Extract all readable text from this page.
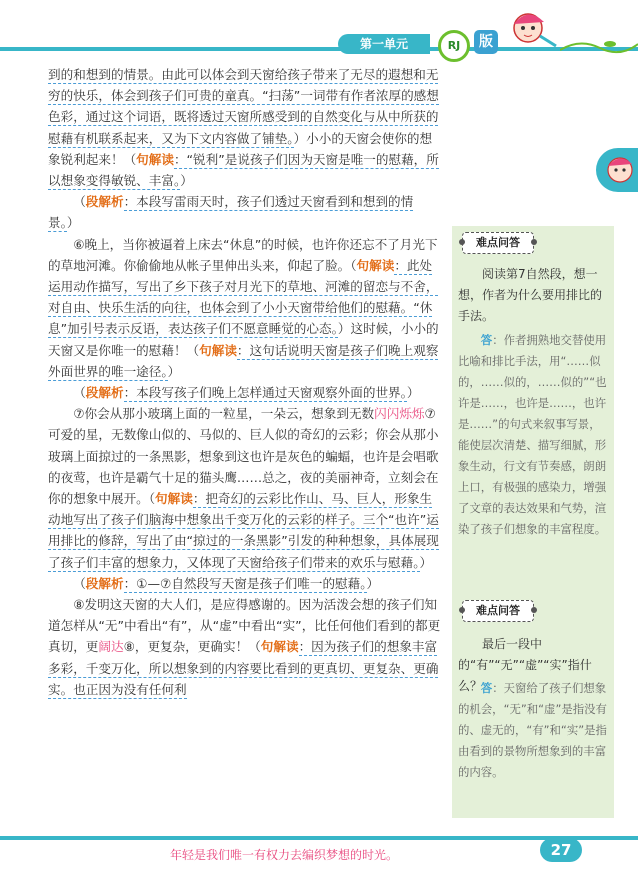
第一单元	RJ	版

到的和想到的情景。由此可以体会到天窗给孩子带来了无尽的遐想和无穷的快乐，体会到孩子们可贵的童真。“扫荡”一词带有作者浓厚的感想色彩，通过这个词语，既将透过天窗所感受到的自然变化与从中所获的慰藉有机联系起来，又为下文内容做了铺垫。）小小的天窗会使你的想象锐利起来！（句解读：“锐利”是说孩子们因为天窗是唯一的慰藉，所以想象变得敏锐、丰富。）

（段解析：本段写雷雨天时，孩子们透过天窗看到和想到的情景。）

⑥晚上，当你被逼着上床去“休息”的时候，也许你还忘不了月光下的草地河滩。你偷偷地从帐子里伸出头来，仰起了脸。（句解读：此处运用动作描写，写出了乡下孩子对月光下的草地、河滩的留恋与不舍，对自由、快乐生活的向往，也体会到了小小天窗带给他们的慰藉。“休息”加引号表示反语，表达孩子们不愿意睡觉的心态。）这时候，小小的天窗又是你唯一的慰藉！（句解读：这句话说明天窗是孩子们晚上观察外面世界的唯一途径。）

（段解析：本段写孩子们晚上怎样通过天窗观察外面的世界。）

⑦你会从那小玻璃上面的一粒星，一朵云，想象到无数闪闪烁烁⑦可爱的星，无数像山似的、马似的、巨人似的奇幻的云彩；你会从那小玻璃上面掠过的一条黑影，想象到这也许是灰色的蝙蝠，也许是会唱歌的夜莺，也许是霸气十足的猫头鹰……总之，夜的美丽神奇，立刻会在你的想象中展开。（句解读：把奇幻的云彩比作山、马、巨人，形象生动地写出了孩子们脑海中想象出千变万化的云彩的样子。三个“也许”运用排比的修辞，写出了由“掠过的一条黑影”引发的种种想象，具体展现了孩子们丰富的想象力，又体现了天窗给孩子们带来的欢乐与慰藉。）

（段解析：①—⑦自然段写天窗是孩子们唯一的慰藉。）

⑧发明这天窗的大人们，是应得感谢的。因为活泼会想的孩子们知道怎样从“无”中看出“有”，从“虚”中看出“实”，比任何他们看到的都更真切，更阔达⑧，更复杂，更确实！（句解读：因为孩子们的想象丰富多彩，千变万化，所以想象到的内容要比看到的更真切、更复杂、更确实。也正因为没有任何利

难点问答

阅读第7自然段，想一想，作者为什么要用排比的手法。

答：作者拥熟地交替使用比喻和排比手法，用“……似的，……似的，……似的”“也许是……，也许是……，也许是……”的句式来叙事写景，能使层次清楚、描写细腻，形象生动，行文有节奏感，朗朗上口，有极强的感染力，增强了文章的表达效果和气势，渲染了孩子们想象的丰富程度。

难点问答

最后一段中的“有”“无”“虚”“实”指什么？

答：天窗给了孩子们想象的机会，“无”和“虚”是指没有的、虚无的，“有”和“实”是指由看到的景物所想象到的丰富的内容。

年轻是我们唯一有权力去编织梦想的时光。	27
